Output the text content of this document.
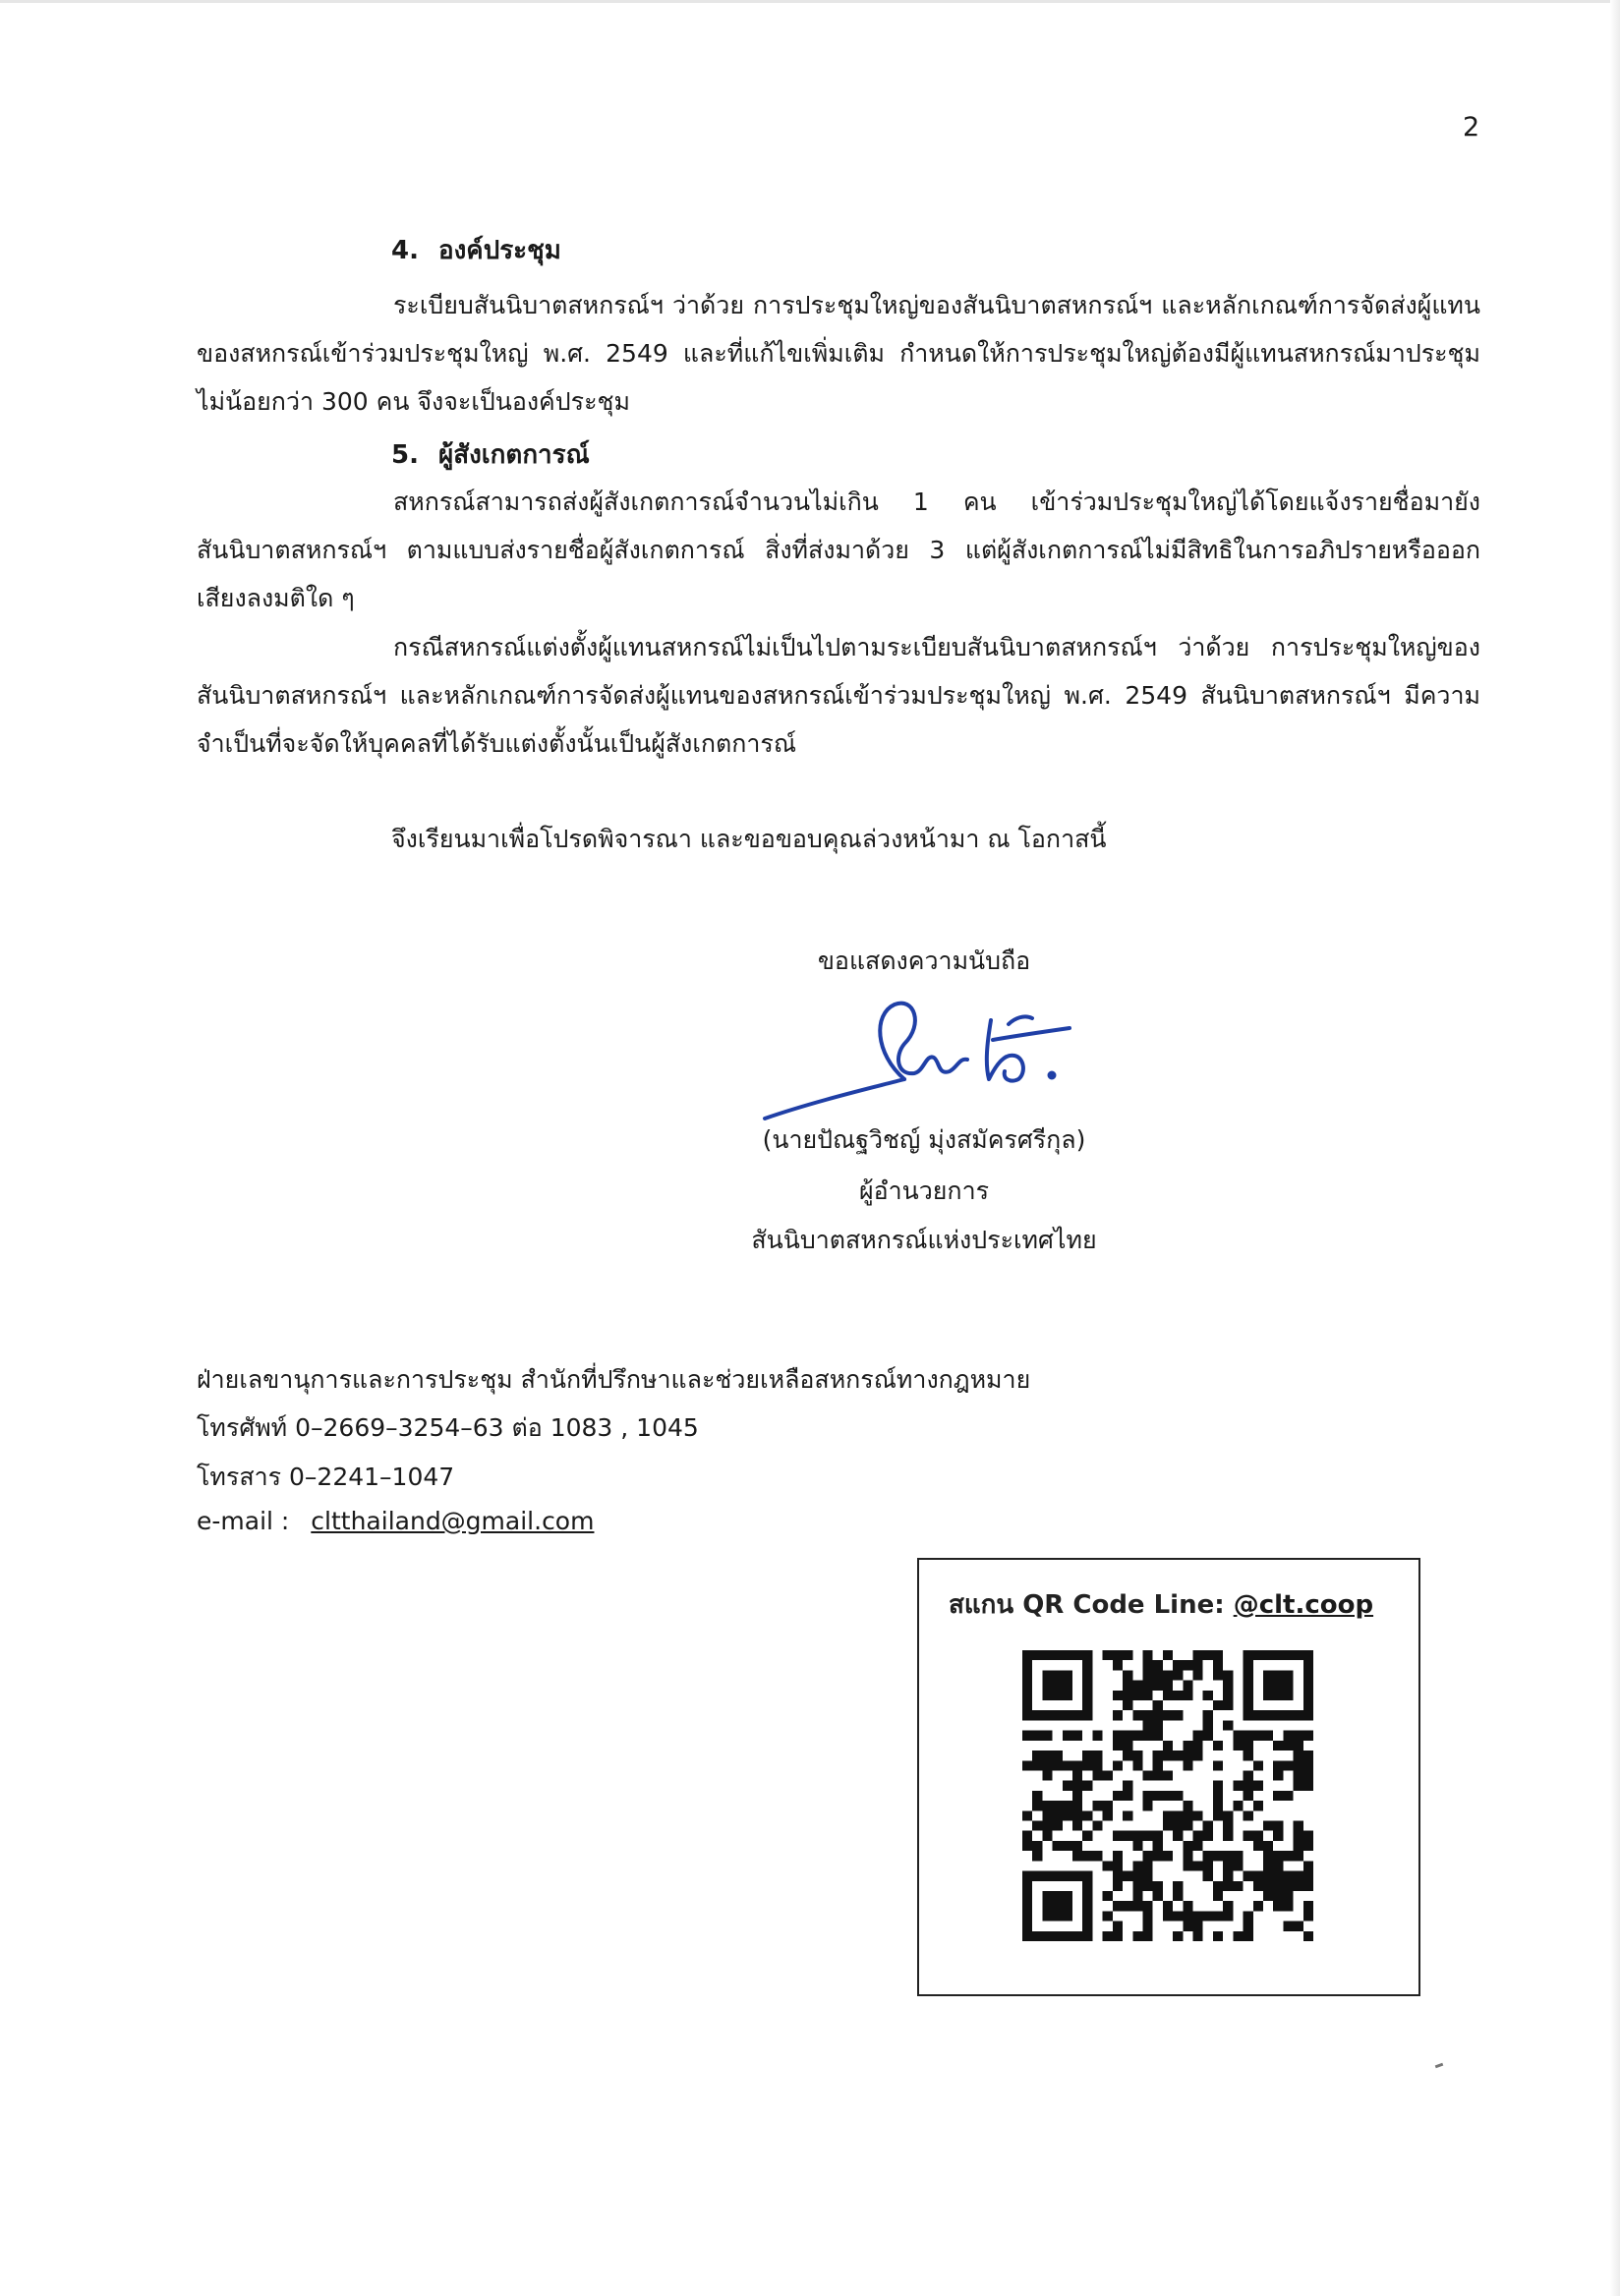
2
4. องค์ประชุม
ระเบียบสันนิบาตสหกรณ์ฯ ว่าด้วย การประชุมใหญ่ของสันนิบาตสหกรณ์ฯ และหลักเกณฑ์การจัดส่งผู้แทนของสหกรณ์เข้าร่วมประชุมใหญ่ พ.ศ. 2549 และที่แก้ไขเพิ่มเติม กำหนดให้การประชุมใหญ่ต้องมีผู้แทนสหกรณ์มาประชุมไม่น้อยกว่า 300 คน จึงจะเป็นองค์ประชุม
5. ผู้สังเกตการณ์
สหกรณ์สามารถส่งผู้สังเกตการณ์จำนวนไม่เกิน 1 คน เข้าร่วมประชุมใหญ่ได้โดยแจ้งรายชื่อมายังสันนิบาตสหกรณ์ฯ ตามแบบส่งรายชื่อผู้สังเกตการณ์ สิ่งที่ส่งมาด้วย 3 แต่ผู้สังเกตการณ์ไม่มีสิทธิในการอภิปรายหรือออกเสียงลงมติใด ๆ
กรณีสหกรณ์แต่งตั้งผู้แทนสหกรณ์ไม่เป็นไปตามระเบียบสันนิบาตสหกรณ์ฯ ว่าด้วย การประชุมใหญ่ของสันนิบาตสหกรณ์ฯ และหลักเกณฑ์การจัดส่งผู้แทนของสหกรณ์เข้าร่วมประชุมใหญ่ พ.ศ. 2549 สันนิบาตสหกรณ์ฯ มีความจำเป็นที่จะจัดให้บุคคลที่ได้รับแต่งตั้งนั้นเป็นผู้สังเกตการณ์
จึงเรียนมาเพื่อโปรดพิจารณา และขอขอบคุณล่วงหน้ามา ณ โอกาสนี้
ขอแสดงความนับถือ
(นายปัณฐวิชญ์ มุ่งสมัครศรีกุล)
ผู้อำนวยการ
สันนิบาตสหกรณ์แห่งประเทศไทย
ฝ่ายเลขานุการและการประชุม สำนักที่ปรึกษาและช่วยเหลือสหกรณ์ทางกฎหมาย
โทรศัพท์ 0–2669–3254–63 ต่อ 1083 , 1045
โทรสาร 0–2241–1047
e-mail : cltthailand@gmail.com
สแกน QR Code Line: @clt.coop
